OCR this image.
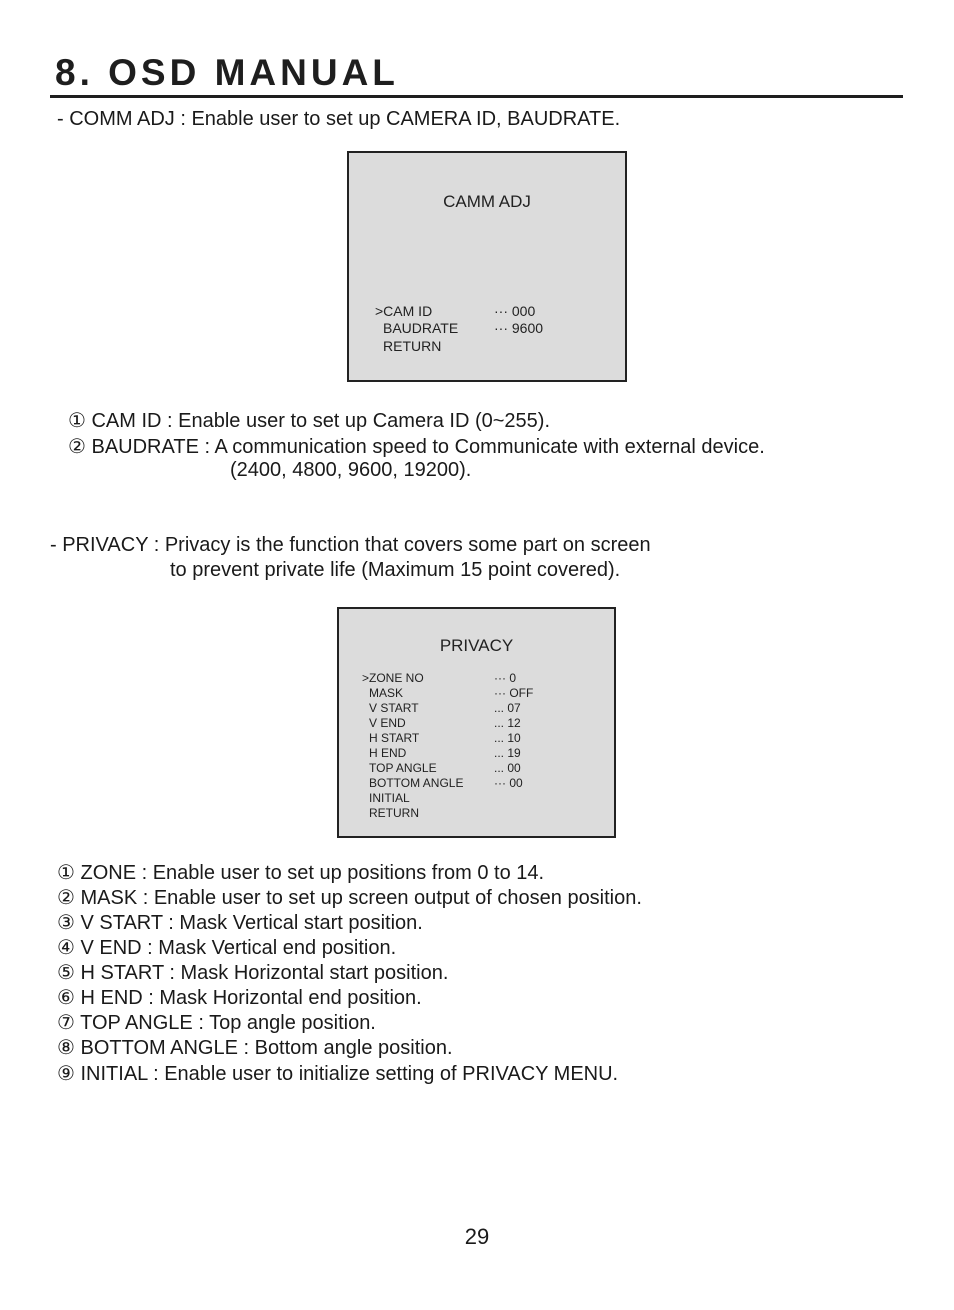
8. OSD MANUAL
- COMM ADJ : Enable user to set up CAMERA ID, BAUDRATE.
CAMM ADJ
>CAM ID	··· 000
BAUDRATE	··· 9600
RETURN
① CAM ID : Enable user to set up Camera ID (0~255).
② BAUDRATE : A communication speed to Communicate with external device.
(2400, 4800, 9600, 19200).
- PRIVACY : Privacy is the function that covers some part on screen
to prevent private life (Maximum 15 point covered).
PRIVACY
>ZONE NO	··· 0
MASK	··· OFF
V START	... 07
V END	... 12
H START	... 10
H END	... 19
TOP ANGLE	... 00
BOTTOM ANGLE	··· 00
INITIAL
RETURN
① ZONE : Enable user to set up positions from 0 to 14.
② MASK : Enable user to set up screen output of chosen position.
③ V START : Mask Vertical start position.
④ V END : Mask Vertical end position.
⑤ H START : Mask Horizontal start position.
⑥ H END : Mask Horizontal end position.
⑦ TOP ANGLE : Top angle position.
⑧ BOTTOM ANGLE : Bottom angle position.
⑨ INITIAL : Enable user to initialize setting of PRIVACY MENU.
29
